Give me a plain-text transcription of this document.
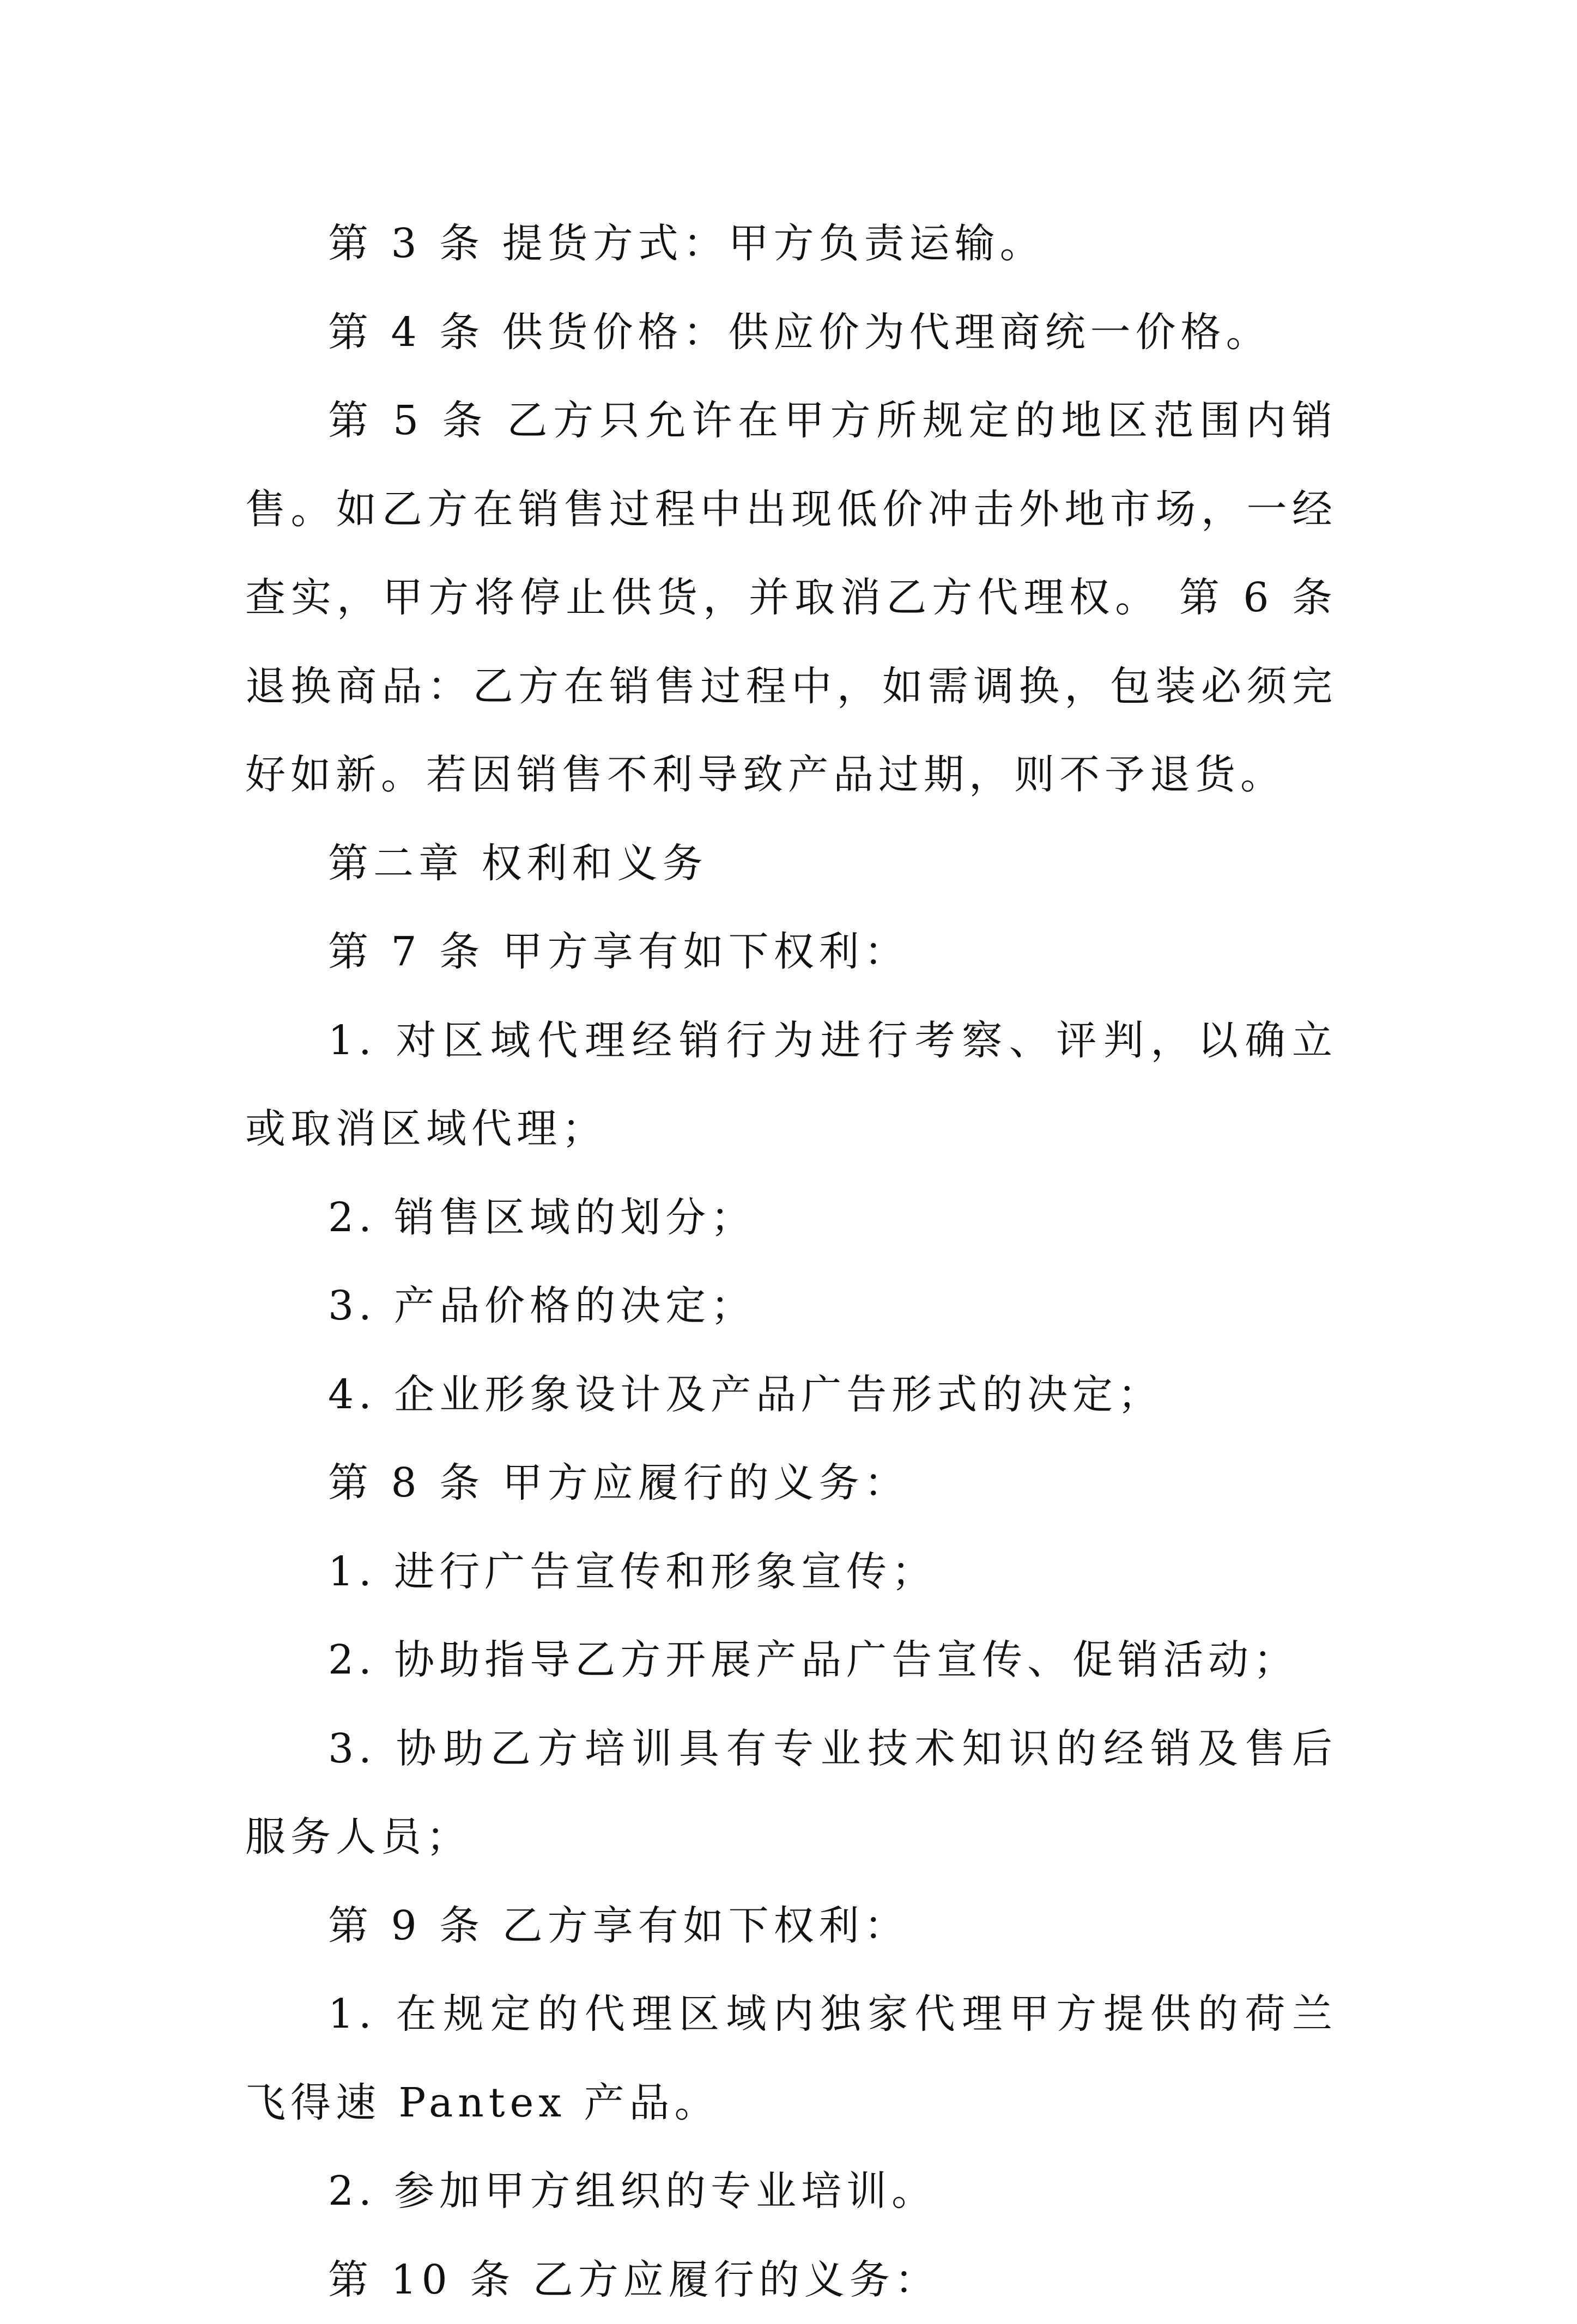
第 3 条 提货方式：甲方负责运输。

第 4 条 供货价格：供应价为代理商统一价格。

第 5 条 乙方只允许在甲方所规定的地区范围内销售。如乙方在销售过程中出现低价冲击外地市场，一经查实，甲方将停止供货，并取消乙方代理权。 第 6 条 退换商品：乙方在销售过程中，如需调换，包装必须完好如新。若因销售不利导致产品过期，则不予退货。

第二章 权利和义务

第 7 条 甲方享有如下权利：

1. 对区域代理经销行为进行考察、评判，以确立或取消区域代理；

2. 销售区域的划分；

3. 产品价格的决定；

4. 企业形象设计及产品广告形式的决定；

第 8 条 甲方应履行的义务：

1. 进行广告宣传和形象宣传；

2. 协助指导乙方开展产品广告宣传、促销活动；

3. 协助乙方培训具有专业技术知识的经销及售后服务人员；

第 9 条 乙方享有如下权利：

1. 在规定的代理区域内独家代理甲方提供的荷兰飞得速 Pantex 产品。

2. 参加甲方组织的专业培训。

第 10 条 乙方应履行的义务：
